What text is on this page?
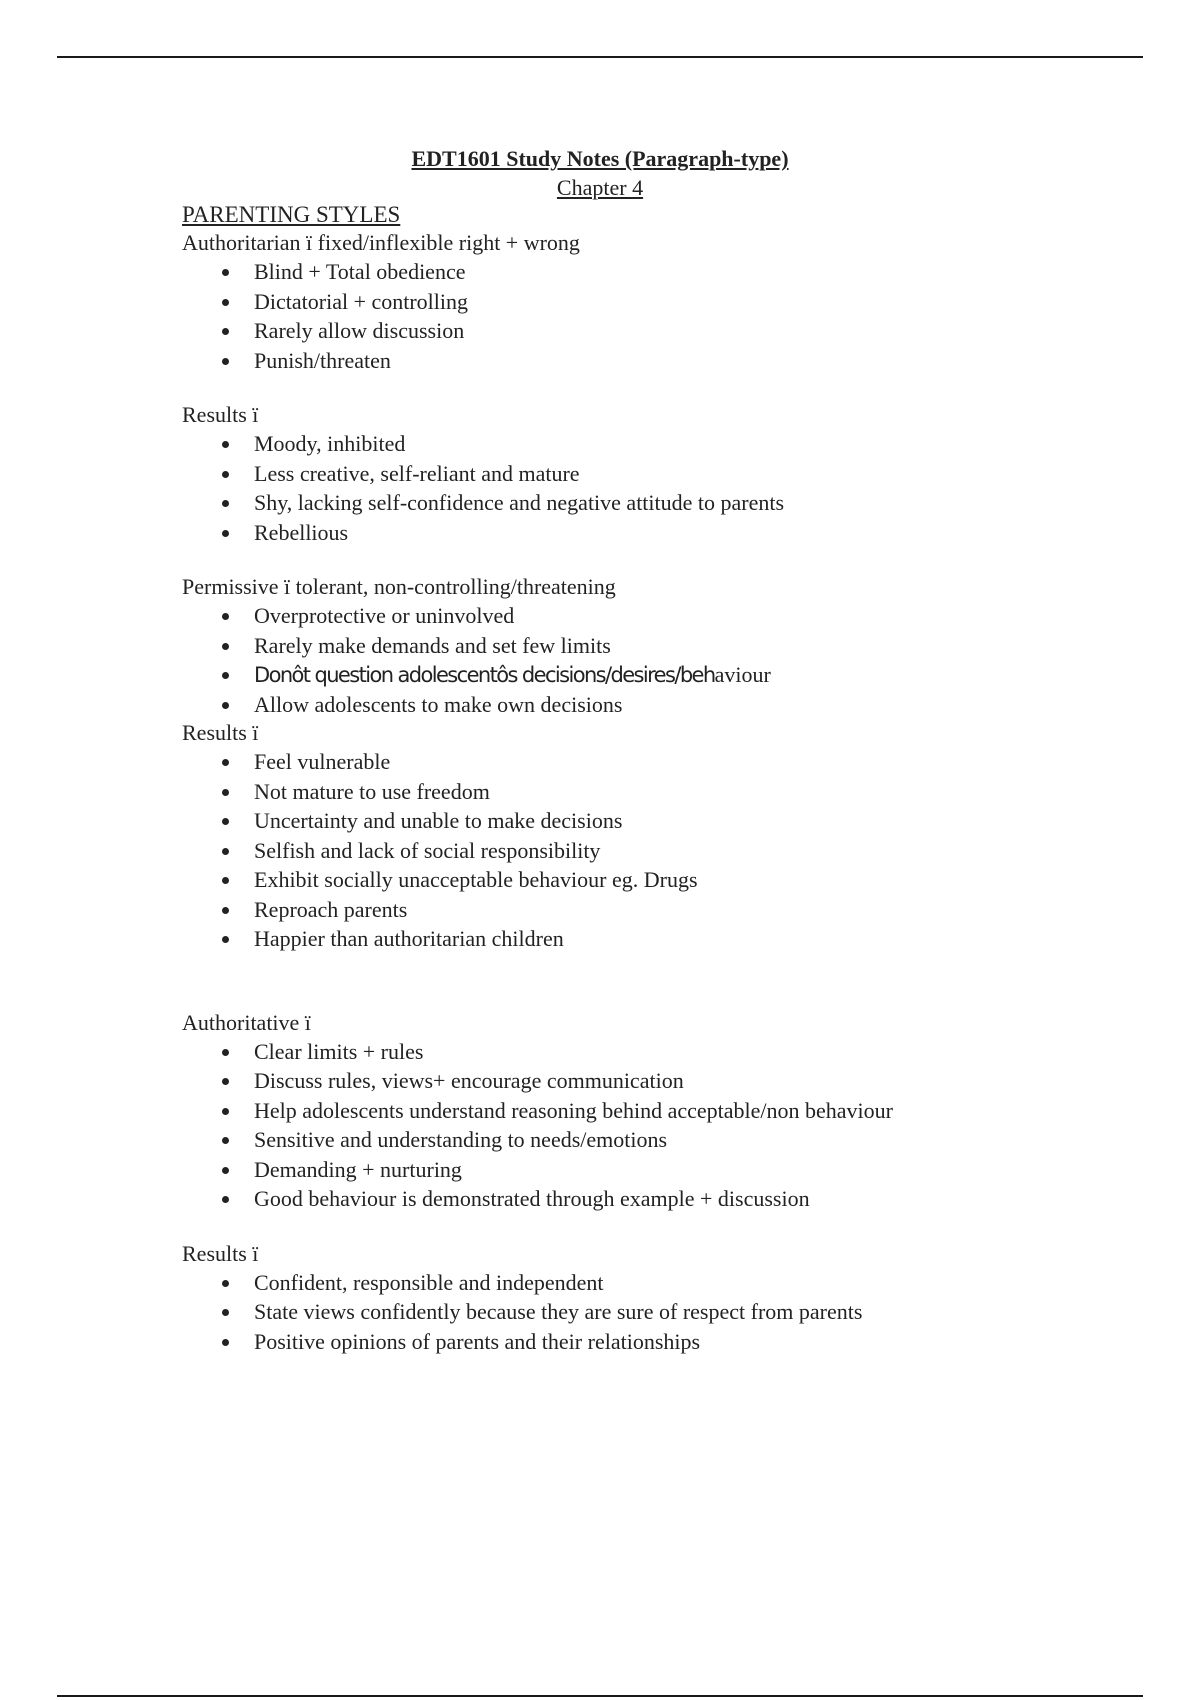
EDT1601 Study Notes (Paragraph-type)
Chapter 4
PARENTING STYLES
Authoritarian ï fixed/inflexible right + wrong
Blind + Total obedience
Dictatorial + controlling
Rarely allow discussion
Punish/threaten
Results ï
Moody, inhibited
Less creative, self-reliant and mature
Shy, lacking self-confidence and negative attitude to parents
Rebellious
Permissive ï tolerant, non-controlling/threatening
Overprotective or uninvolved
Rarely make demands and set few limits
Donôt question adolescentôs decisions/desires/behaviour
Allow adolescents to make own decisions
Results ï
Feel vulnerable
Not mature to use freedom
Uncertainty and unable to make decisions
Selfish and lack of social responsibility
Exhibit socially unacceptable behaviour eg. Drugs
Reproach parents
Happier than authoritarian children
Authoritative ï
Clear limits + rules
Discuss rules, views+ encourage communication
Help adolescents understand reasoning behind acceptable/non behaviour
Sensitive and understanding to needs/emotions
Demanding + nurturing
Good behaviour is demonstrated through example + discussion
Results ï
Confident, responsible and independent
State views confidently because they are sure of respect from parents
Positive opinions of parents and their relationships
